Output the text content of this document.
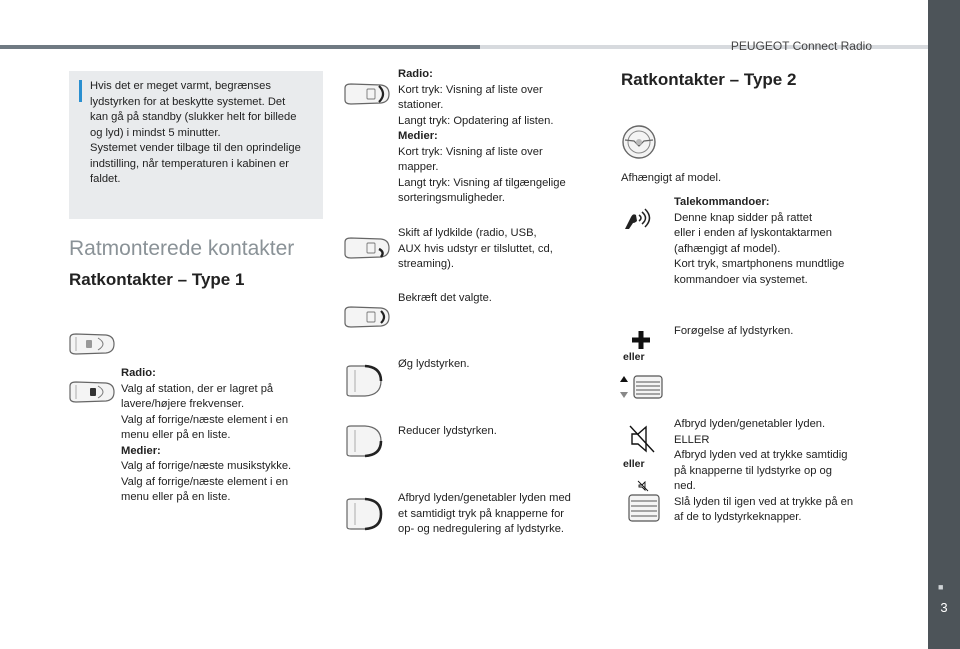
PEUGEOT Connect Radio
■
3
Hvis det er meget varmt, begrænses
lydstyrken for at beskytte systemet. Det
kan gå på standby (slukker helt for billede
og lyd) i mindst 5 minutter.
Systemet vender tilbage til den oprindelige
indstilling, når temperaturen i kabinen er
faldet.
Ratmonterede kontakter
Ratkontakter – Type 1
Radio:
Valg af station, der er lagret på
lavere/højere frekvenser.
Valg af forrige/næste element i en
menu eller på en liste.
Medier:
Valg af forrige/næste musikstykke.
Valg af forrige/næste element i en
menu eller på en liste.
Radio:
Kort tryk: Visning af liste over
stationer.
Langt tryk: Opdatering af listen.
Medier:
Kort tryk: Visning af liste over
mapper.
Langt tryk: Visning af tilgængelige
sorteringsmuligheder.
Skift af lydkilde (radio, USB,
AUX hvis udstyr er tilsluttet, cd,
streaming).
Bekræft det valgte.
Øg lydstyrken.
Reducer lydstyrken.
Afbryd lyden/genetabler lyden med
et samtidigt tryk på knapperne for
op- og nedregulering af lydstyrke.
Ratkontakter – Type 2
Afhængigt af model.
Talekommandoer:
Denne knap sidder på rattet
eller i enden af lyskontaktarmen
(afhængigt af model).
Kort tryk, smartphonens mundtlige
kommandoer via systemet.
eller
Forøgelse af lydstyrken.
eller
Afbryd lyden/genetabler lyden.
ELLER
Afbryd lyden ved at trykke samtidig
på knapperne til lydstyrke op og
ned.
Slå lyden til igen ved at trykke på en
af de to lydstyrkeknapper.
